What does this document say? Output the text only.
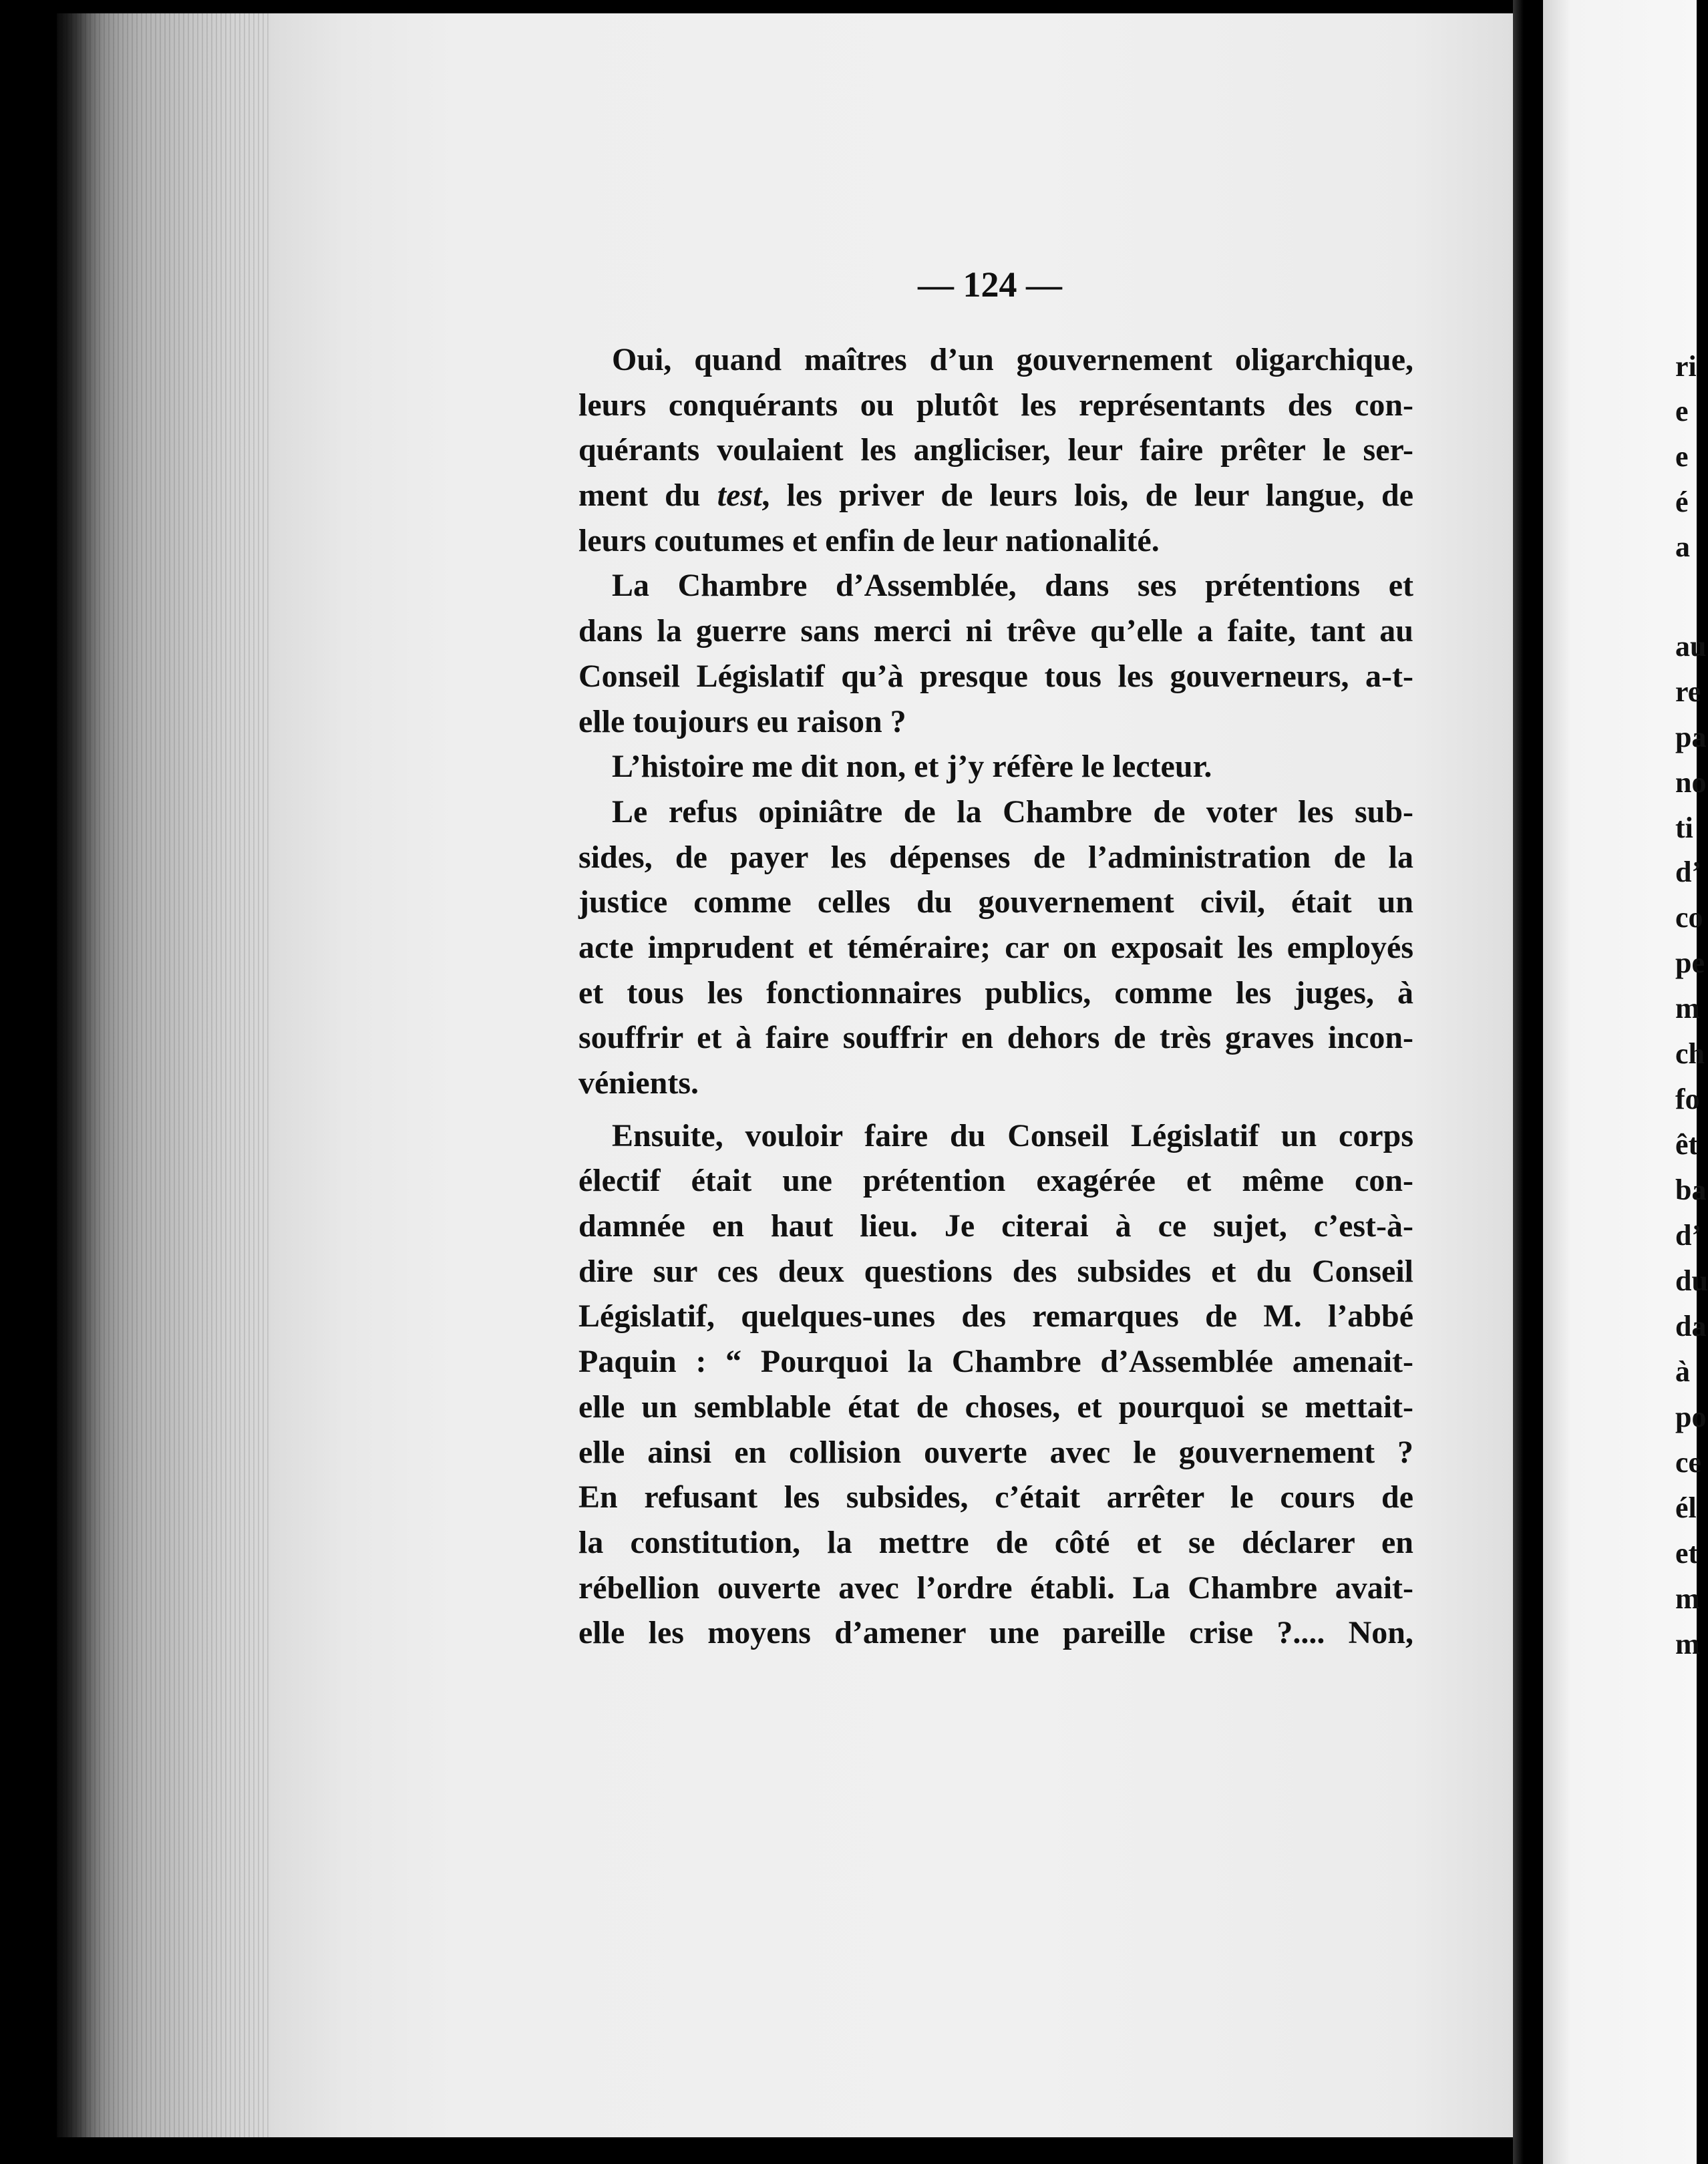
— 124 —
Oui, quand maîtres d’un gouvernement oligarchique,
leurs conquérants ou plutôt les représentants des con-
quérants voulaient les angliciser, leur faire prêter le ser-
ment du test, les priver de leurs lois, de leur langue, de
leurs coutumes et enfin de leur nationalité.
La Chambre d’Assemblée, dans ses prétentions et
dans la guerre sans merci ni trêve qu’elle a faite, tant au
Conseil Législatif qu’à presque tous les gouverneurs, a-t-
elle toujours eu raison ?
L’histoire me dit non, et j’y réfère le lecteur.
Le refus opiniâtre de la Chambre de voter les sub-
sides, de payer les dépenses de l’administration de la
justice comme celles du gouvernement civil, était un
acte imprudent et téméraire; car on exposait les employés
et tous les fonctionnaires publics, comme les juges, à
souffrir et à faire souffrir en dehors de très graves incon-
vénients.
Ensuite, vouloir faire du Conseil Législatif un corps
électif était une prétention exagérée et même con-
damnée en haut lieu. Je citerai à ce sujet, c’est-à-
dire sur ces deux questions des subsides et du Conseil
Législatif, quelques-unes des remarques de M. l’abbé
Paquin : “ Pourquoi la Chambre d’Assemblée amenait-
elle un semblable état de choses, et pourquoi se mettait-
elle ainsi en collision ouverte avec le gouvernement ?
En refusant les subsides, c’était arrêter le cours de
la constitution, la mettre de côté et se déclarer en
rébellion ouverte avec l’ordre établi. La Chambre avait-
elle les moyens d’amener une pareille crise ?.... Non,
ri
e
e
é
a
au
re
pa
no
ti
d’
co
pe
m
ch
fo
êt
ba
d’
du
da
à
po
ce
él
et
m
m
